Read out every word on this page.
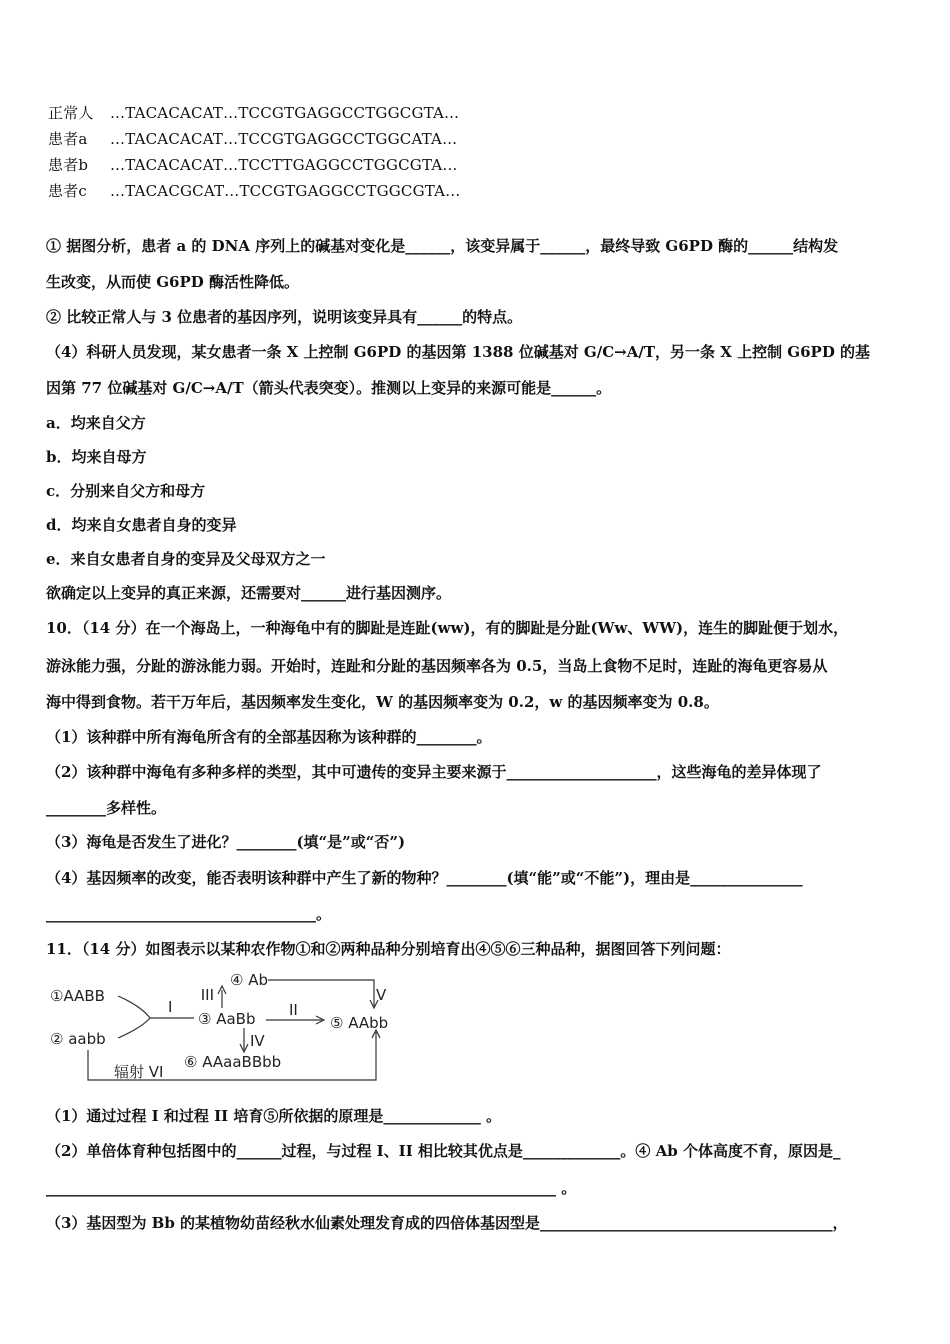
正常人 …TACACACAT…TCCGTGAGGCCTGGCGTA…
患者a …TACACACAT…TCCGTGAGGCCTGGCATA…
患者b …TACACACAT…TCCTTGAGGCCTGGCGTA…
患者c …TACACGCAT…TCCGTGAGGCCTGGCGTA…
① 据图分析，患者 a 的 DNA 序列上的碱基对变化是______，该变异属于______，最终导致 G6PD 酶的______结构发
生改变，从而使 G6PD 酶活性降低。
② 比较正常人与 3 位患者的基因序列，说明该变异具有______的特点。
（4）科研人员发现，某女患者一条 X 上控制 G6PD 的基因第 1388 位碱基对 G/C→A/T，另一条 X 上控制 G6PD 的基
因第 77 位碱基对 G/C→A/T（箭头代表突变）。推测以上变异的来源可能是______。
a．均来自父方
b．均来自母方
c．分别来自父方和母方
d．均来自女患者自身的变异
e．来自女患者自身的变异及父母双方之一
欲确定以上变异的真正来源，还需要对______进行基因测序。
10．（14 分）在一个海岛上，一种海龟中有的脚趾是连趾(ww)，有的脚趾是分趾(Ww、WW)，连生的脚趾便于划水，
游泳能力强，分趾的游泳能力弱。开始时，连趾和分趾的基因频率各为 0.5，当岛上食物不足时，连趾的海龟更容易从
海中得到食物。若干万年后，基因频率发生变化，W 的基因频率变为 0.2，w 的基因频率变为 0.8。
（1）该种群中所有海龟所含有的全部基因称为该种群的________。
（2）该种群中海龟有多种多样的类型，其中可遗传的变异主要来源于____________________，这些海龟的差异体现了
________多样性。
（3）海龟是否发生了进化？________(填“是”或“否”)
（4）基因频率的改变，能否表明该种群中产生了新的物种？________(填“能”或“不能”)，理由是_______________
____________________________________。
11．（14 分）如图表示以某种农作物①和②两种品种分别培育出④⑤⑥三种品种，据图回答下列问题：
①AABB
② aabb
③ AaBb
④ Ab
⑤ AAbb
⑥ AAaaBBbb
I
III
II
V
IV
辐射 VI
（1）通过过程 I 和过程 II 培育⑤所依据的原理是_____________ 。
（2）单倍体育种包括图中的______过程，与过程 I、II 相比较其优点是_____________。④ Ab 个体高度不育，原因是_
____________________________________________________________________ 。
（3）基因型为 Bb 的某植物幼苗经秋水仙素处理发育成的四倍体基因型是_______________________________________，
